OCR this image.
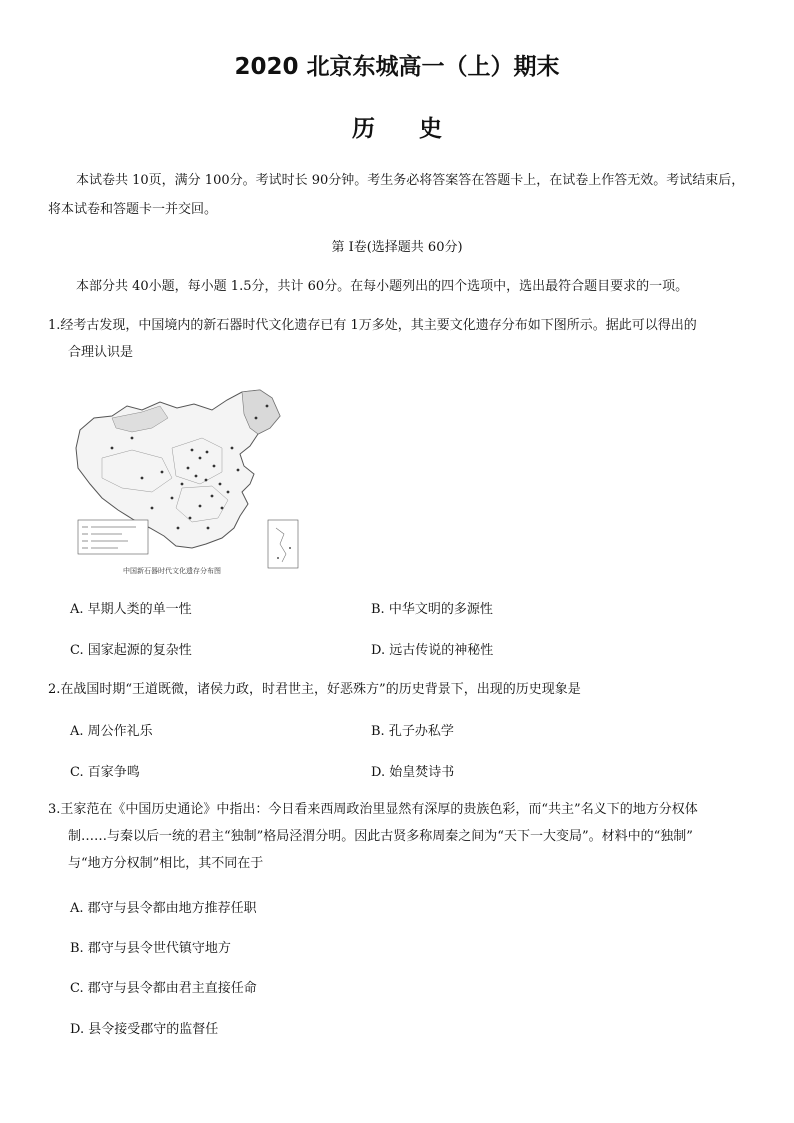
2020 北京东城高一（上）期末
历史
本试卷共 10页，满分 100分。考试时长 90分钟。考生务必将答案答在答题卡上，在试卷上作答无效。考试结束后，将本试卷和答题卡一并交回。
第 I卷(选择题共 60分)
本部分共 40小题，每小题 1.5分，共计 60分。在每小题列出的四个选项中，选出最符合题目要求的一项。
1.经考古发现，中国境内的新石器时代文化遗存已有 1万多处，其主要文化遗存分布如下图所示。据此可以得出的
合理认识是
中国新石器时代文化遗存分布图
A. 早期人类的单一性	B. 中华文明的多源性
C. 国家起源的复杂性	D. 远古传说的神秘性
2.在战国时期“王道既微，诸侯力政，时君世主，好恶殊方”的历史背景下，出现的历史现象是
A. 周公作礼乐	B. 孔子办私学
C. 百家争鸣	D. 始皇焚诗书
3.王家范在《中国历史通论》中指出：今日看来西周政治里显然有深厚的贵族色彩，而“共主”名义下的地方分权体
制……与秦以后一统的君主“独制”格局泾渭分明。因此古贤多称周秦之间为“天下一大变局”。材料中的“独制”
与“地方分权制”相比，其不同在于
A. 郡守与县令都由地方推荐任职
B. 郡守与县令世代镇守地方
C. 郡守与县令都由君主直接任命
D. 县令接受郡守的监督任
